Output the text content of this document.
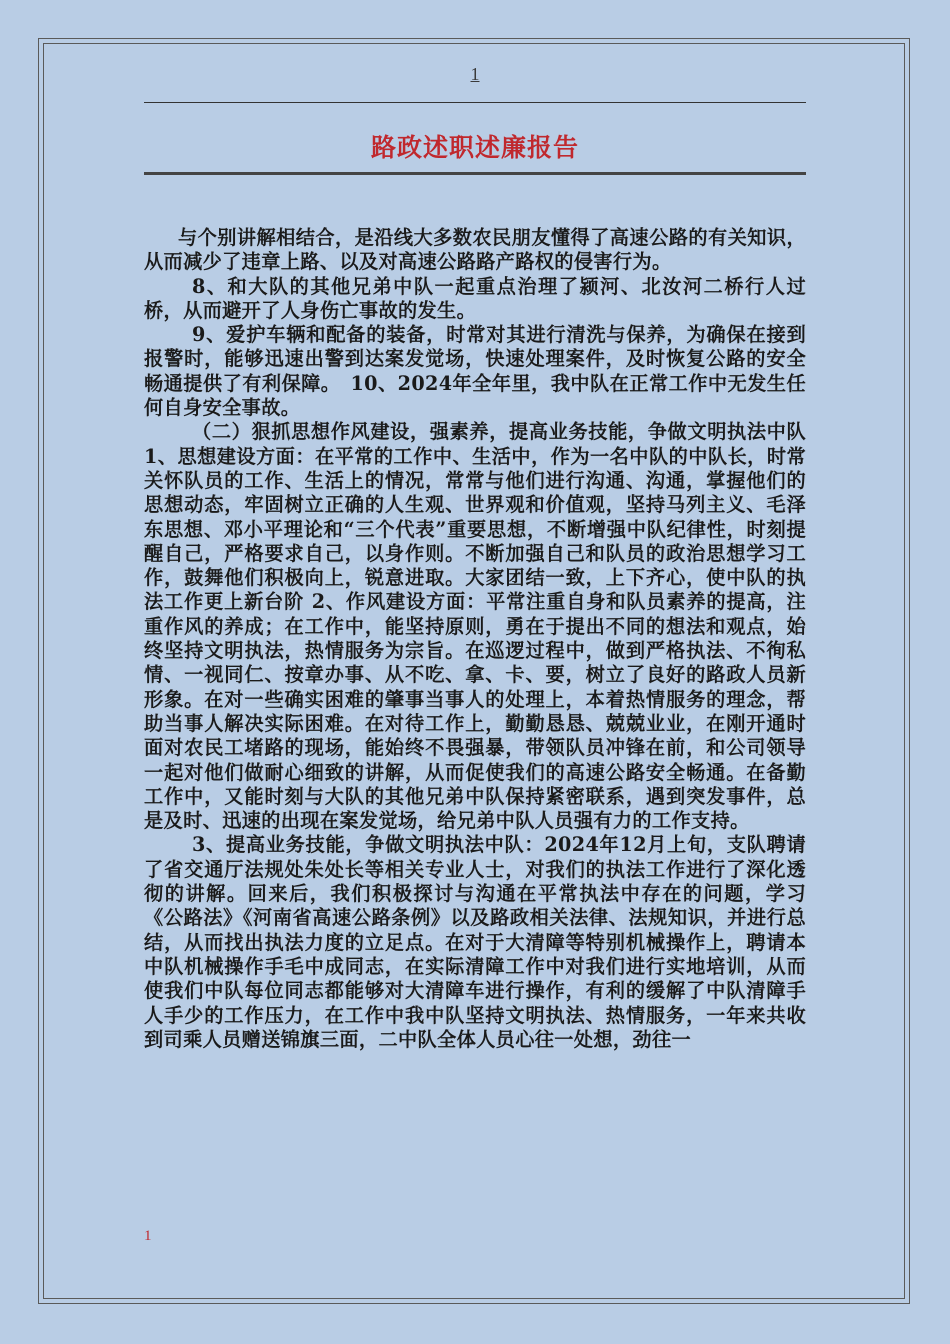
1
路政述职述廉报告

与个别讲解相结合，是沿线大多数农民朋友懂得了高速公路的有关知识，从而减少了违章上路、以及对高速公路路产路权的侵害行为。

8、和大队的其他兄弟中队一起重点治理了颍河、北汝河二桥行人过桥，从而避开了人身伤亡事故的发生。

9、爱护车辆和配备的装备，时常对其进行清洗与保养，为确保在接到报警时，能够迅速出警到达案发觉场，快速处理案件，及时恢复公路的安全畅通提供了有利保障。　10、2024年全年里，我中队在正常工作中无发生任何自身安全事故。

（二）狠抓思想作风建设，强素养，提高业务技能，争做文明执法中队 1、思想建设方面：在平常的工作中、生活中，作为一名中队的中队长，时常关怀队员的工作、生活上的情况，常常与他们进行沟通、沟通，掌握他们的思想动态，牢固树立正确的人生观、世界观和价值观，坚持马列主义、毛泽东思想、邓小平理论和“三个代表”重要思想，不断增强中队纪律性，时刻提醒自己，严格要求自己，以身作则。不断加强自己和队员的政治思想学习工作，鼓舞他们积极向上，锐意进取。大家团结一致，上下齐心，使中队的执法工作更上新台阶 2、作风建设方面：平常注重自身和队员素养的提高，注重作风的养成；在工作中，能坚持原则，勇在于提出不同的想法和观点，始终坚持文明执法，热情服务为宗旨。在巡逻过程中，做到严格执法、不徇私情、一视同仁、按章办事、从不吃、拿、卡、要，树立了良好的路政人员新形象。在对一些确实困难的肇事当事人的处理上，本着热情服务的理念，帮助当事人解决实际困难。在对待工作上，勤勤恳恳、兢兢业业，在刚开通时面对农民工堵路的现场，能始终不畏强暴，带领队员冲锋在前，和公司领导一起对他们做耐心细致的讲解，从而促使我们的高速公路安全畅通。在备勤工作中，又能时刻与大队的其他兄弟中队保持紧密联系，遇到突发事件，总是及时、迅速的出现在案发觉场，给兄弟中队人员强有力的工作支持。

3、提高业务技能，争做文明执法中队：2024年12月上旬，支队聘请了省交通厅法规处朱处长等相关专业人士，对我们的执法工作进行了深化透彻的讲解。回来后，我们积极探讨与沟通在平常执法中存在的问题，学习《公路法》《河南省高速公路条例》以及路政相关法律、法规知识，并进行总结，从而找出执法力度的立足点。在对于大清障等特别机械操作上，聘请本中队机械操作手毛中成同志，在实际清障工作中对我们进行实地培训，从而使我们中队每位同志都能够对大清障车进行操作，有利的缓解了中队清障手人手少的工作压力，在工作中我中队坚持文明执法、热情服务，一年来共收到司乘人员赠送锦旗三面，二中队全体人员心往一处想，劲往一

1
